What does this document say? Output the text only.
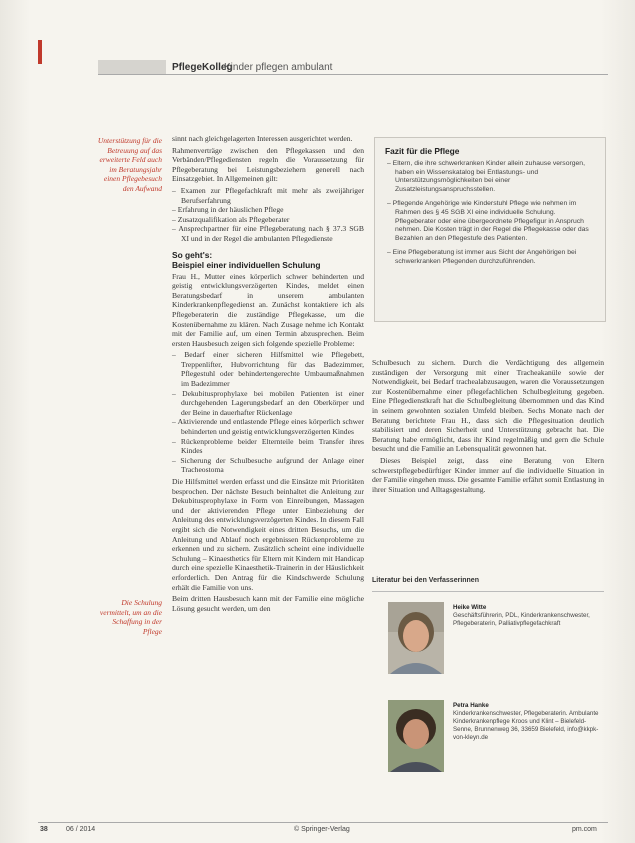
PflegeKolleg
Kinder pflegen ambulant
Unterstützung für die Betreuung auf das erweiterte Feld auch im Beratungsjahr einen Pflegebesuch den Aufwand
Die Schulung vermittelt, um an die Schaffung in der Pflege

sinnt nach gleichgelagerten Interessen ausgerichtet werden.

Rahmenverträge zwischen den Pflegekassen und den Verbänden/Pflegediensten regeln die Voraussetzung für Pflegeberatung bei Leistungsbeziehern generell nach Einsatzgebiet. In Allgemeinen gilt:

– Examen zur Pflegefachkraft mit mehr als zweijähriger Berufserfahrung
– Erfahrung in der häuslichen Pflege
– Zusatzqualifikation als Pflegeberater
– Ansprechpartner für eine Pflegeberatung nach § 37.3 SGB XI und in der Regel die ambulanten Pflegedienste
So geht's:
Beispiel einer individuellen Schulung

Frau H., Mutter eines körperlich schwer behinderten und geistig entwicklungsverzögerten Kindes, meldet einen Beratungsbedarf in unserem ambulanten Kinderkrankenpflegedienst an. Zunächst kontaktiere ich als Pflegeberaterin die zuständige Pflegekasse, um die Kostenübernahme zu klären. Nach Zusage nehme ich Kontakt mit der Familie auf, um einen Termin abzusprechen. Beim ersten Hausbesuch zeigen sich folgende spezielle Probleme:

– Bedarf einer sicheren Hilfsmittel wie Pflegebett, Treppenlifter, Hubvorrichtung für das Badezimmer, Pflegestuhl oder behindertengerechte Umbaumaßnahmen im Badezimmer
– Dekubitusprophylaxe bei mobilen Patienten ist einer durchgehenden Lagerungsbedarf an den Oberkörper und der Beine in dauerhafter Rückenlage
– Aktivierende und entlastende Pflege eines körperlich schwer behinderten und geistig entwicklungsverzögerten Kindes
– Rückenprobleme beider Elternteile beim Transfer ihres Kindes
– Sicherung der Schulbesuche aufgrund der Anlage einer Tracheostoma

Die Hilfsmittel werden erfasst und die Einsätze mit Prioritäten besprochen. Der nächste Besuch beinhaltet die Anleitung zur Dekubitusprophylaxe in Form von Einreibungen, Massagen und der aktivierenden Pflege unter Einbeziehung der Anleitung des entwicklungsverzögerten Kindes. In diesem Fall ergibt sich die Notwendigkeit eines dritten Besuchs, um die Anleitung und Ablauf noch ergebnissen Rückenprobleme zu erkennen und zu sichern. Zusätzlich scheint eine individuelle Schulung – Kinaesthetics für Eltern mit Kindern mit Handicap durch eine spezielle Kinaesthetik-Trainerin in der Häuslichkeit erforderlich. Den Antrag für die Kindschwerde Schulung erhält die Familie von uns.

Beim dritten Hausbesuch kann mit der Familie eine mögliche Lösung gesucht werden, um den

Fazit für die Pflege
– Eltern, die ihre schwerkranken Kinder allein zuhause versorgen, haben ein Wissenskatalog bei Entlastungs- und Unterstützungsmöglichkeiten bei einer Zusatzleistungsanspruchsstellen.
– Pflegende Angehörige wie Kinderstuhl Pflege wie nehmen im Rahmen des § 45 SGB XI eine individuelle Schulung. Pflegeberater oder eine übergeordnete Pflegefigur in Anspruch nehmen. Die Kosten trägt in der Regel die Pflegekasse oder das Bezahlen an den Pflegestufe des Patienten.
– Eine Pflegeberatung ist immer aus Sicht der Angehörigen bei schwerkranken Pflegenden durchzuführenden.

Schulbesuch zu sichern. Durch die Verdächtigung des allgemein zuständigen der Versorgung mit einer Tracheakanüle sowie der Notwendigkeit, bei Bedarf trachealabzusaugen, waren die Voraussetzungen zur Kostenübernahme einer pflegefachlichen Schulbegleitung gegeben. Eine Pflegedienstkraft hat die Schulbegleitung übernommen und das Kind in seinem gewohnten sozialen Umfeld bleiben. Sechs Monate nach der Beratung berichtete Frau H., dass sich die Pflegesituation deutlich stabilisiert und deren Sicherheit und Unterstützung gebracht hat. Die Beratung habe ermöglicht, dass ihr Kind regelmäßig und gern die Schule besucht und die Familie an Lebensqualität gewonnen hat.

Dieses Beispiel zeigt, dass eine Beratung von Eltern schwerstpflegebedürftiger Kinder immer auf die individuelle Situation in der Familie eingehen muss. Die gesamte Familie erfährt somit Entlastung in ihrer Situation und Alltagsgestaltung.

Literatur bei den Verfasserinnen
Heike Witte
Geschäftsführerin, PDL, Kinderkrankenschwester, Pflegeberaterin, Palliativpflegefachkraft
Petra Hanke
Kinderkrankenschwester, Pflegeberaterin. Ambulante Kinderkrankenpflege Kroos und Klint – Bielefeld-Senne, Brunnenweg 36, 33659 Bielefeld, info@kkpk-von-kleyn.de
38	06 / 2014	© Springer-Verlag	pm.com
